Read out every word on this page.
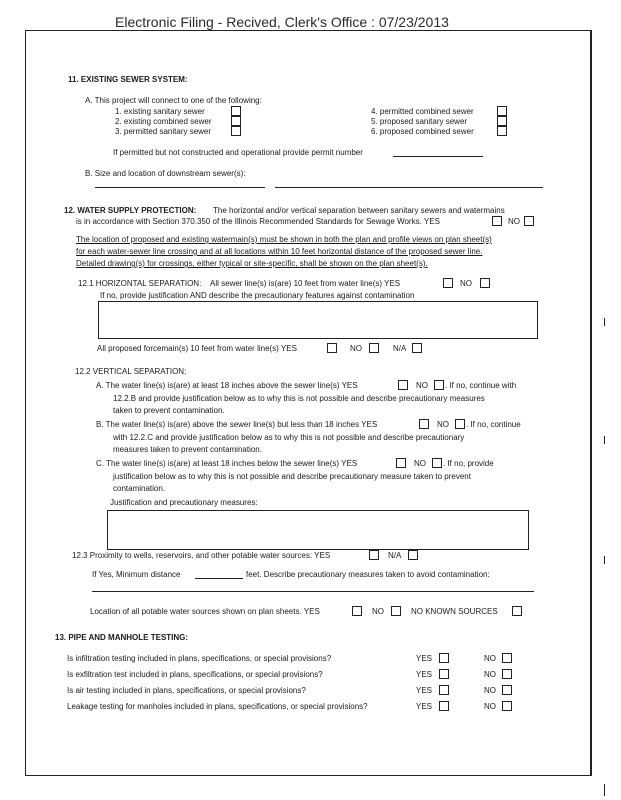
Electronic Filing - Recived, Clerk's Office : 07/23/2013
11. EXISTING SEWER SYSTEM:
A. This project will connect to one of the following:
1. existing sanitary sewer
2. existing combined sewer
3. permitted sanitary sewer
4. permitted combined sewer
5. proposed sanitary sewer
6. proposed combined sewer
If permitted but not constructed and operational provide permit number
B. Size and location of downstream sewer(s):
12. WATER SUPPLY PROTECTION: The horizontal and/or vertical separation between sanitary sewers and watermains
is in accordance with Section 370.350 of the Illinois Recommended Standards for Sewage Works. YES	NO
The location of proposed and existing watermain(s) must be shown in both the plan and profile views on plan sheet(s)
for each water-sewer line crossing and at all locations within 10 feet horizontal distance of the proposed sewer line.
Detailed drawing(s) for crossings, either typical or site-specific, shall be shown on the plan sheet(s).
12.1 HORIZONTAL SEPARATION: All sewer line(s) is(are) 10 feet from water line(s) YES	NO
If no, provide justification AND describe the precautionary features against contamination
All proposed forcemain(s) 10 feet from water line(s) YES	NO	N/A
12.2 VERTICAL SEPARATION:
A. The water line(s) is(are) at least 18 inches above the sewer line(s) YES	NO . If no, continue with
12.2.B and provide justification below as to why this is not possible and describe precautionary measures
taken to prevent contamination.
B. The water line(s) is(are) above the sewer line(s) but less than 18 inches YES	NO . If no, continue
with 12.2.C and provide justification below as to why this is not possible and describe precautionary
measures taken to prevent contamination.
C. The water line(s) is(are) at least 18 inches below the sewer line(s) YES	NO . If no, provide
justification below as to why this is not possible and describe precautionary measure taken to prevent
contamination.
Justification and precautionary measures:
12.3 Proximity to wells, reservoirs, and other potable water sources: YES	N/A
If Yes, Minimum distance	feet. Describe precautionary measures taken to avoid contamination:
Location of all potable water sources shown on plan sheets. YES	NO	NO KNOWN SOURCES
13. PIPE AND MANHOLE TESTING:
Is infiltration testing included in plans, specifications, or special provisions?	YES	NO
Is exfiltration test included in plans, specifications, or special provisions?	YES	NO
Is air testing included in plans, specifications, or special provisions?	YES	NO
Leakage testing for manholes included in plans, specifications, or special provisions?	YES	NO
